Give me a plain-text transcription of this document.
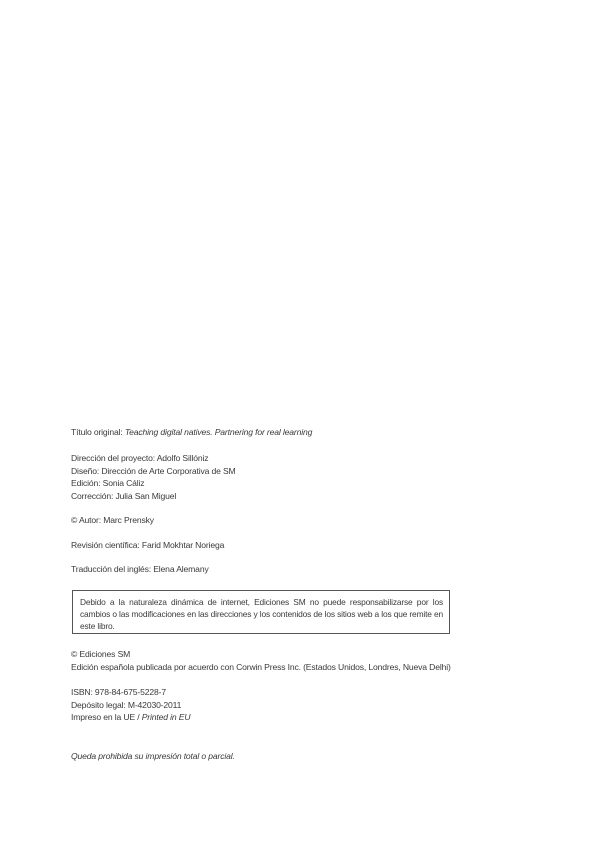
Título original: Teaching digital natives. Partnering for real learning
Dirección del proyecto: Adolfo Sillóniz
Diseño: Dirección de Arte Corporativa de SM
Edición: Sonia Cáliz
Corrección: Julia San Miguel
© Autor: Marc Prensky
Revisión científica: Farid Mokhtar Noriega
Traducción del inglés: Elena Alemany
Debido a la naturaleza dinámica de internet, Ediciones SM no puede responsabilizarse por los cambios o las modificaciones en las direcciones y los contenidos de los sitios web a los que remite en este libro.
© Ediciones SM
Edición española publicada por acuerdo con Corwin Press Inc. (Estados Unidos, Londres, Nueva Delhi)
ISBN: 978-84-675-5228-7
Depósito legal: M-42030-2011
Impreso en la UE / Printed in EU
Queda prohibida su impresión total o parcial.
